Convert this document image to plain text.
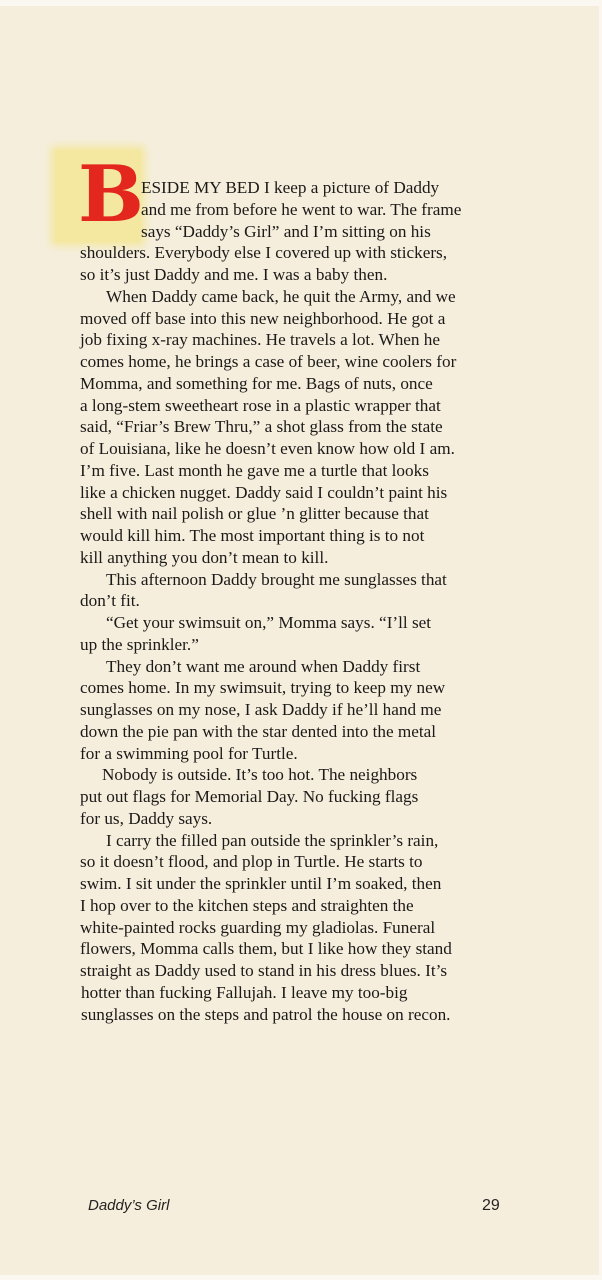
B
ESIDE MY BED I keep a picture of Daddy
and me from before he went to war. The frame
says “Daddy’s Girl” and I’m sitting on his
shoulders. Everybody else I covered up with stickers,
so it’s just Daddy and me. I was a baby then.
When Daddy came back, he quit the Army, and we
moved off base into this new neighborhood. He got a
job fixing x-ray machines. He travels a lot. When he
comes home, he brings a case of beer, wine coolers for
Momma, and something for me. Bags of nuts, once
a long-stem sweetheart rose in a plastic wrapper that
said, “Friar’s Brew Thru,” a shot glass from the state
of Louisiana, like he doesn’t even know how old I am.
I’m five. Last month he gave me a turtle that looks
like a chicken nugget. Daddy said I couldn’t paint his
shell with nail polish or glue ’n glitter because that
would kill him. The most important thing is to not
kill anything you don’t mean to kill.
This afternoon Daddy brought me sunglasses that
don’t fit.
“Get your swimsuit on,” Momma says. “I’ll set
up the sprinkler.”
They don’t want me around when Daddy first
comes home. In my swimsuit, trying to keep my new
sunglasses on my nose, I ask Daddy if he’ll hand me
down the pie pan with the star dented into the metal
for a swimming pool for Turtle.
Nobody is outside. It’s too hot. The neighbors
put out flags for Memorial Day. No fucking flags
for us, Daddy says.
I carry the filled pan outside the sprinkler’s rain,
so it doesn’t flood, and plop in Turtle. He starts to
swim. I sit under the sprinkler until I’m soaked, then
I hop over to the kitchen steps and straighten the
white-painted rocks guarding my gladiolas. Funeral
flowers, Momma calls them, but I like how they stand
straight as Daddy used to stand in his dress blues. It’s
hotter than fucking Fallujah. I leave my too-big
sunglasses on the steps and patrol the house on recon.
Daddy’s Girl	29
